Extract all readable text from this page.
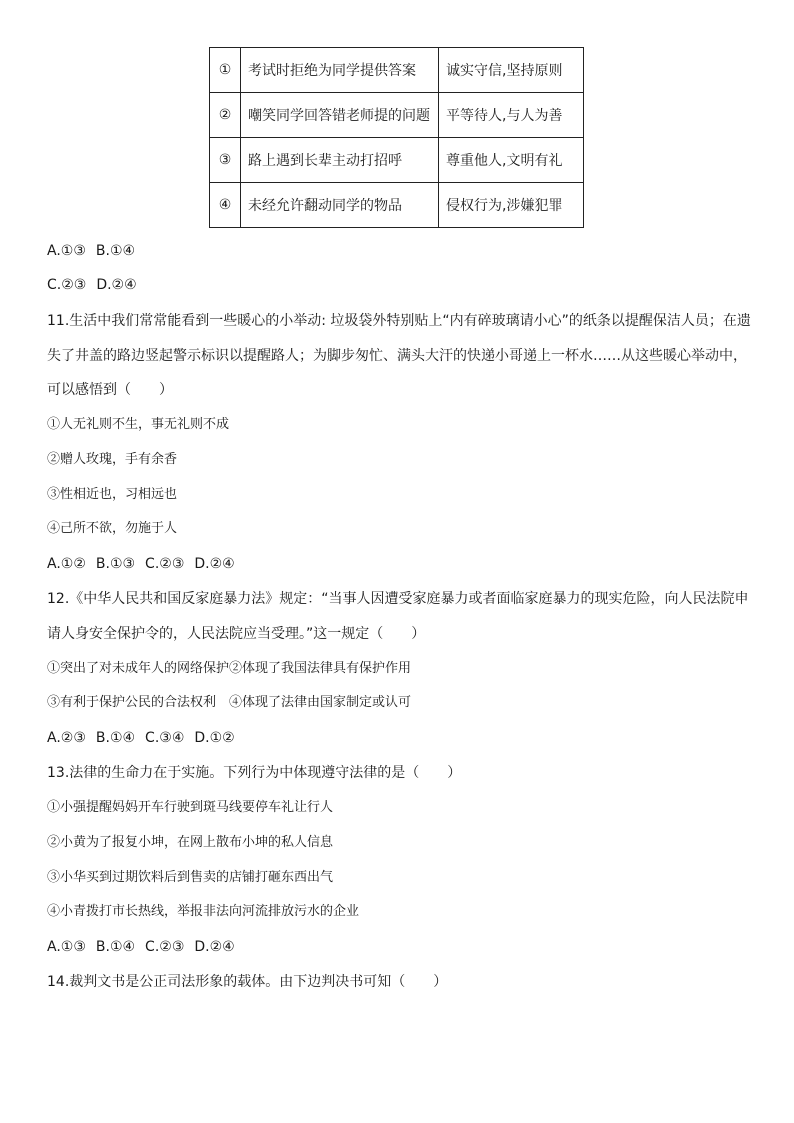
①	考试时拒绝为同学提供答案	诚实守信,坚持原则
②	嘲笑同学回答错老师提的问题	平等待人,与人为善
③	路上遇到长辈主动打招呼	尊重他人,文明有礼
④	未经允许翻动同学的物品	侵权行为,涉嫌犯罪
A.①③ B.①④
C.②③ D.②④
11.生活中我们常常能看到一些暖心的小举动: 垃圾袋外特别贴上“内有碎玻璃请小心”的纸条以提醒保洁人员；在遗
失了井盖的路边竖起警示标识以提醒路人；为脚步匆忙、满头大汗的快递小哥递上一杯水……从这些暖心举动中，
可以感悟到（　　）
①人无礼则不生，事无礼则不成
②赠人玫瑰，手有余香
③性相近也，习相远也
④己所不欲，勿施于人
A.①② B.①③ C.②③ D.②④
12.《中华人民共和国反家庭暴力法》规定：“当事人因遭受家庭暴力或者面临家庭暴力的现实危险，向人民法院申
请人身安全保护令的，人民法院应当受理。”这一规定（　　）
①突出了对未成年人的网络保护②体现了我国法律具有保护作用
③有利于保护公民的合法权利　④体现了法律由国家制定或认可
A.②③ B.①④ C.③④ D.①②
13.法律的生命力在于实施。下列行为中体现遵守法律的是（　　）
①小强提醒妈妈开车行驶到斑马线要停车礼让行人
②小黄为了报复小坤，在网上散布小坤的私人信息
③小华买到过期饮料后到售卖的店铺打砸东西出气
④小青拨打市长热线，举报非法向河流排放污水的企业
A.①③ B.①④ C.②③ D.②④
14.裁判文书是公正司法形象的载体。由下边判决书可知（　　）
